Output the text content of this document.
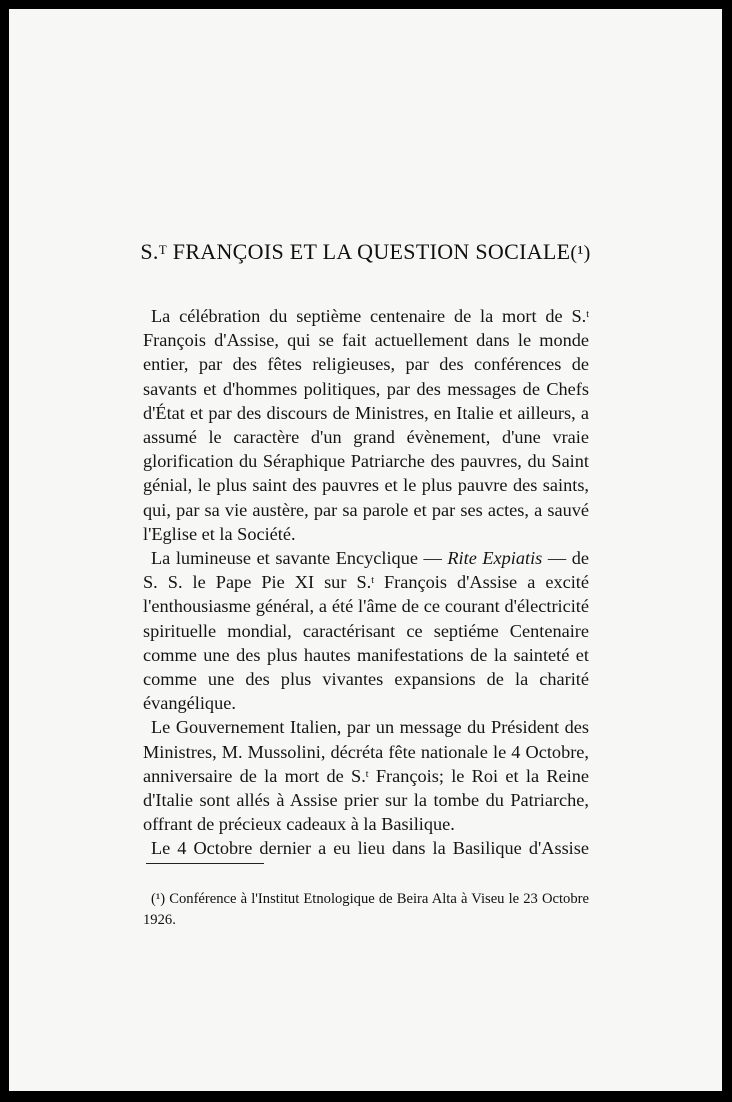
S.$^T$ FRANÇOIS ET LA QUESTION SOCIALE(¹)

La célébration du septième centenaire de la mort de S.$^t$ François d'Assise, qui se fait actuellement dans le monde entier, par des fêtes religieuses, par des conférences de savants et d'hommes politiques, par des messages de Chefs d'État et par des discours de Ministres, en Italie et ailleurs, a assumé le caractère d'un grand évènement, d'une vraie glorification du Séraphique Patriarche des pauvres, du Saint génial, le plus saint des pauvres et le plus pauvre des saints, qui, par sa vie austère, par sa parole et par ses actes, a sauvé l'Eglise et la Société.

La lumineuse et savante Encyclique — Rite Expiatis — de S. S. le Pape Pie XI sur S.$^t$ François d'Assise a excité l'enthousiasme général, a été l'âme de ce courant d'électricité spirituelle mondial, caractérisant ce septiéme Centenaire comme une des plus hautes manifestations de la sainteté et comme une des plus vivantes expansions de la charité évangélique.

Le Gouvernement Italien, par un message du Président des Ministres, M. Mussolini, décréta fête nationale le 4 Octobre, anniversaire de la mort de S.$^t$ François; le Roi et la Reine d'Italie sont allés à Assise prier sur la tombe du Patriarche, offrant de précieux cadeaux à la Basilique.

Le 4 Octobre dernier a eu lieu dans la Basilique d'Assise

(¹) Conférence à l'Institut Etnologique de Beira Alta à Viseu le 23 Octobre 1926.
